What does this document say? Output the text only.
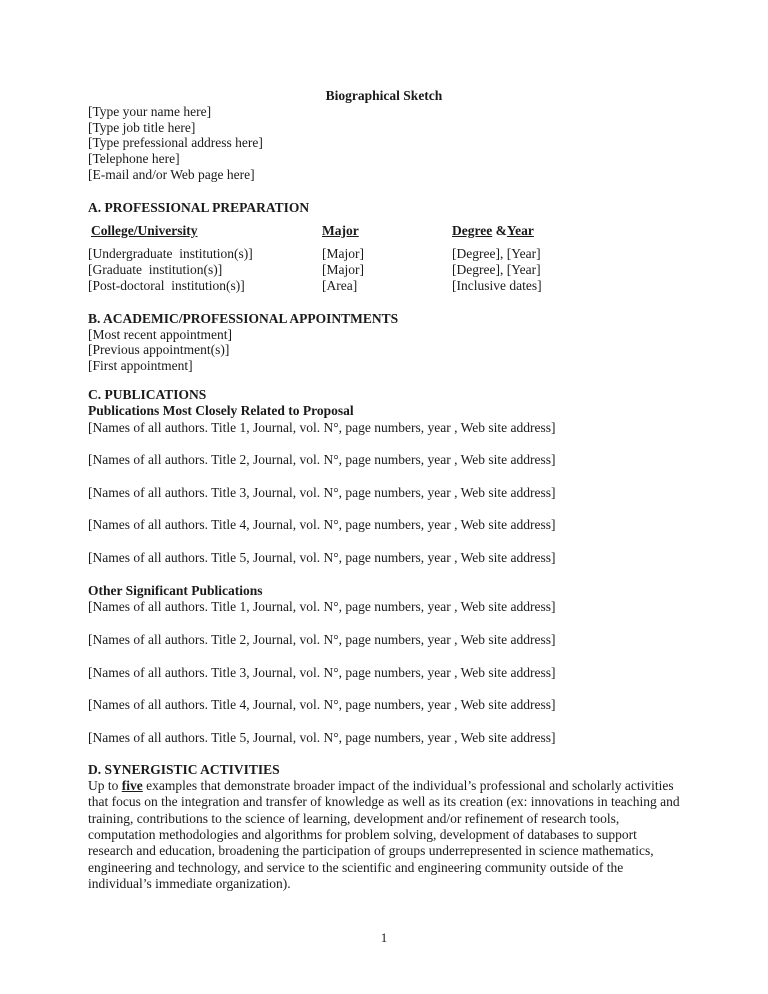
Biographical Sketch
[Type your name here]
[Type job title here]
[Type prefessional address here]
[Telephone here]
[E-mail and/or Web page here]
A. PROFESSIONAL PREPARATION
College/University	Major	Degree &Year
[Undergraduate  institution(s)]	[Major]	[Degree], [Year]
[Graduate  institution(s)]	[Major]	[Degree], [Year]
[Post-doctoral  institution(s)]	[Area]	[Inclusive dates]
B. ACADEMIC/PROFESSIONAL APPOINTMENTS
[Most recent appointment]
[Previous appointment(s)]
[First appointment]
C. PUBLICATIONS
Publications Most Closely Related to Proposal
[Names of all authors. Title 1, Journal, vol. N°, page numbers, year , Web site address]
[Names of all authors. Title 2, Journal, vol. N°, page numbers, year , Web site address]
[Names of all authors. Title 3, Journal, vol. N°, page numbers, year , Web site address]
[Names of all authors. Title 4, Journal, vol. N°, page numbers, year , Web site address]
[Names of all authors. Title 5, Journal, vol. N°, page numbers, year , Web site address]
Other Significant Publications
[Names of all authors. Title 1, Journal, vol. N°, page numbers, year , Web site address]
[Names of all authors. Title 2, Journal, vol. N°, page numbers, year , Web site address]
[Names of all authors. Title 3, Journal, vol. N°, page numbers, year , Web site address]
[Names of all authors. Title 4, Journal, vol. N°, page numbers, year , Web site address]
[Names of all authors. Title 5, Journal, vol. N°, page numbers, year , Web site address]
D. SYNERGISTIC ACTIVITIES

Up to five examples that demonstrate broader impact of the individual’s professional and scholarly activities that focus on the integration and transfer of knowledge as well as its creation (ex: innovations in teaching and training, contributions to the science of learning, development and/or refinement of research tools, computation methodologies and algorithms for problem solving, development of databases to support research and education, broadening the participation of groups underrepresented in science mathematics, engineering and technology, and service to the scientific and engineering community outside of the individual’s immediate organization).

1
